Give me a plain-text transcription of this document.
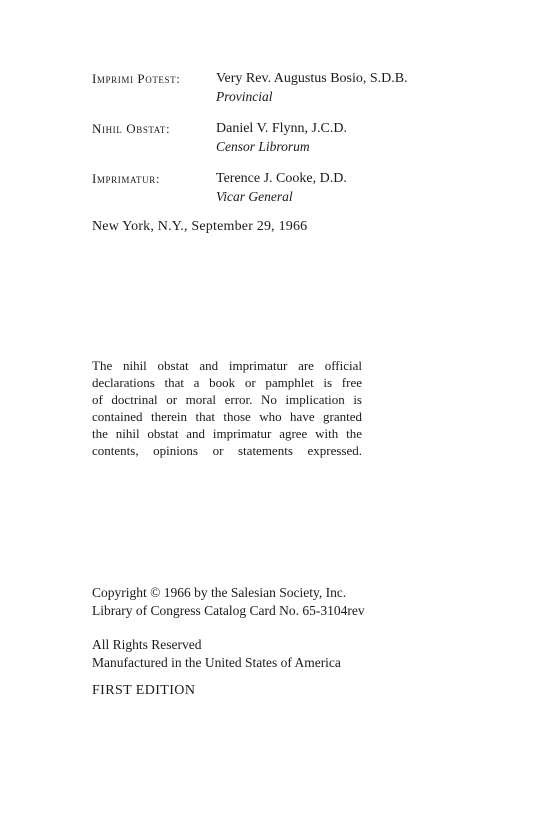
Imprimi Potest:	Very Rev. Augustus Bosio, S.D.B.
Provincial
Nihil Obstat:	Daniel V. Flynn, J.C.D.
Censor Librorum
Imprimatur:	Terence J. Cooke, D.D.
Vicar General
New York, N.Y., September 29, 1966
The nihil obstat and imprimatur are official
declarations that a book or pamphlet is free
of doctrinal or moral error. No implication is
contained therein that those who have granted
the nihil obstat and imprimatur agree with the
contents, opinions or statements expressed.
Copyright © 1966 by the Salesian Society, Inc.
Library of Congress Catalog Card No. 65-3104rev
All Rights Reserved
Manufactured in the United States of America
FIRST EDITION
